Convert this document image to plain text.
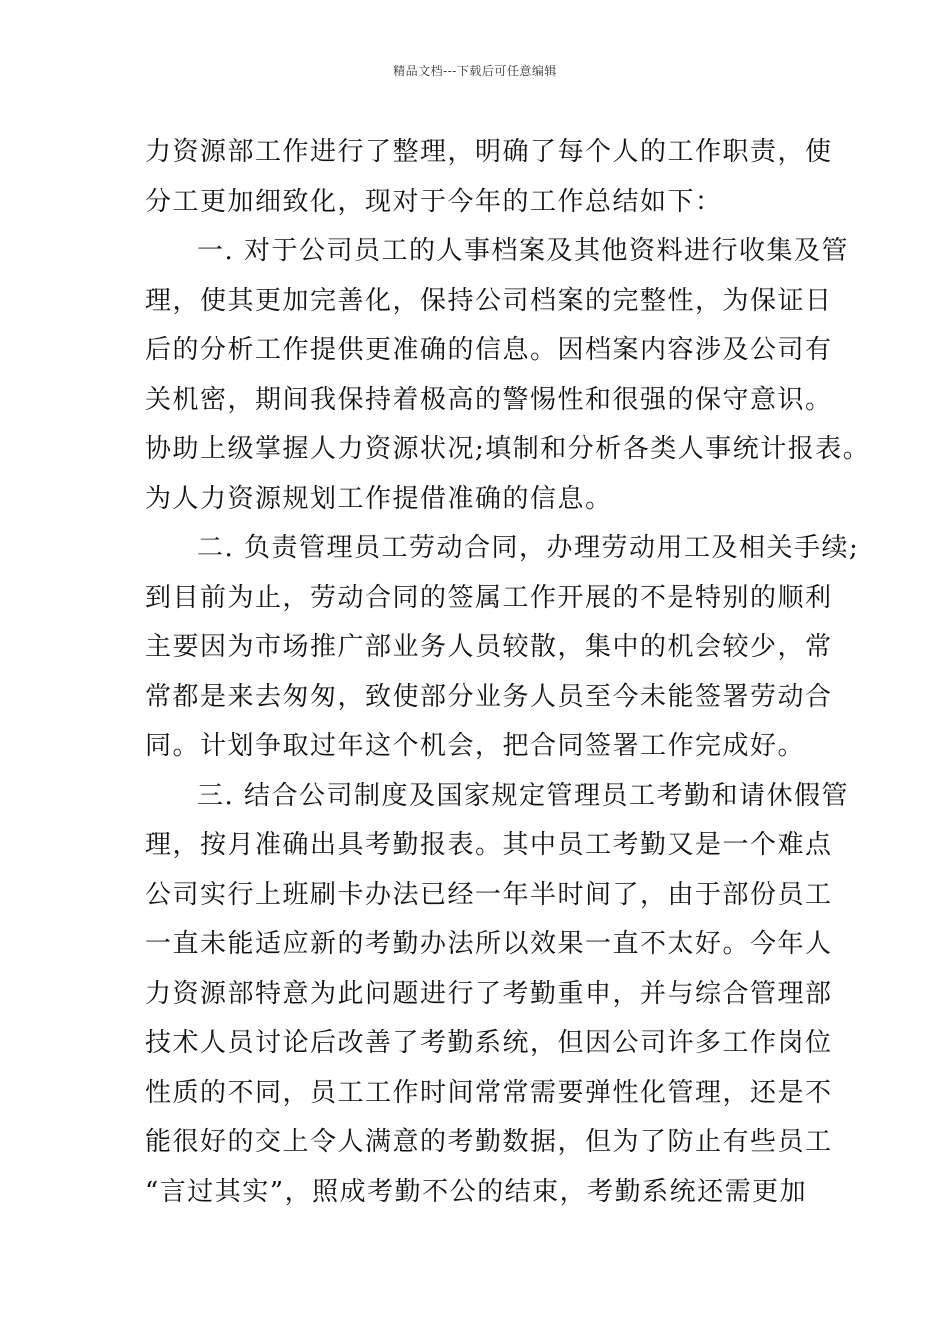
精品文档---下载后可任意编辑
力资源部工作进行了整理，明确了每个人的工作职责，使
分工更加细致化，现对于今年的工作总结如下：
一. 对于公司员工的人事档案及其他资料进行收集及管
理，使其更加完善化，保持公司档案的完整性，为保证日
后的分析工作提供更准确的信息。因档案内容涉及公司有
关机密，期间我保持着极高的警惕性和很强的保守意识。
协助上级掌握人力资源状况;填制和分析各类人事统计报表。
为人力资源规划工作提借准确的信息。
二. 负责管理员工劳动合同，办理劳动用工及相关手续;
到目前为止，劳动合同的签属工作开展的不是特别的顺利
主要因为市场推广部业务人员较散，集中的机会较少，常
常都是来去匆匆，致使部分业务人员至今未能签署劳动合
同。计划争取过年这个机会，把合同签署工作完成好。
三. 结合公司制度及国家规定管理员工考勤和请休假管
理，按月准确出具考勤报表。其中员工考勤又是一个难点
公司实行上班刷卡办法已经一年半时间了，由于部份员工
一直未能适应新的考勤办法所以效果一直不太好。今年人
力资源部特意为此问题进行了考勤重申，并与综合管理部
技术人员讨论后改善了考勤系统，但因公司许多工作岗位
性质的不同，员工工作时间常常需要弹性化管理，还是不
能很好的交上令人满意的考勤数据，但为了防止有些员工
“言过其实”，照成考勤不公的结束，考勤系统还需更加
